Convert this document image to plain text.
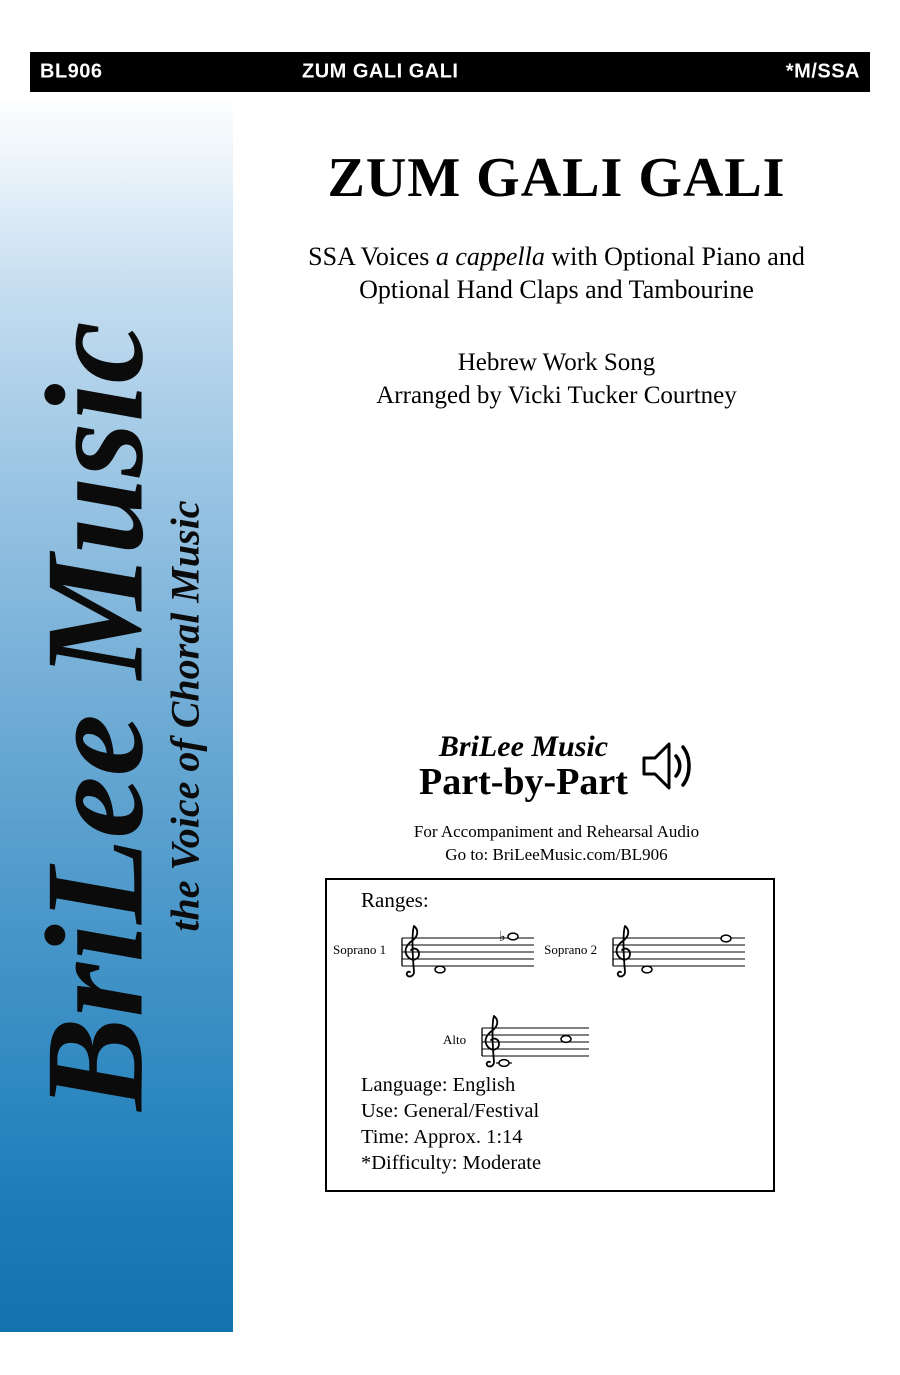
BL906	ZUM GALI GALI	*M/SSA
BriLee Music
the Voice of Choral Music
ZUM GALI GALI
SSA Voices a cappella with Optional Piano and
Optional Hand Claps and Tambourine
Hebrew Work Song
Arranged by Vicki Tucker Courtney
BriLee Music
Part-by-Part
For Accompaniment and Rehearsal Audio
Go to: BriLeeMusic.com/BL906
Ranges:
Soprano 1
♭
Soprano 2
Alto
Language: English
Use: General/Festival
Time: Approx. 1:14
*Difficulty: Moderate
